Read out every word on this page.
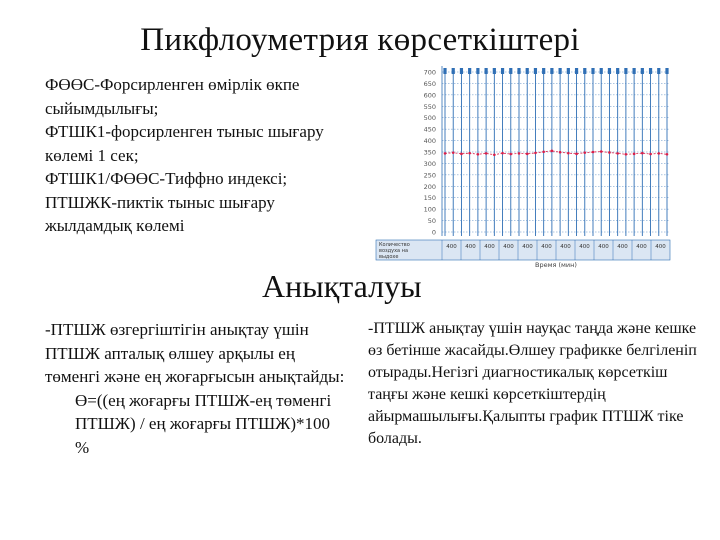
Пикфлоуметрия көрсеткіштері

ФӨӨС-Форсирленген өмірлік өкпе сыйымдылығы;

ФТШК1-форсирленген тыныс шығару көлемі 1 сек;

ФТШК1/ФӨӨС-Тиффно индексі;

ПТШЖК-пиктік тыныс шығару жылдамдық көлемі

700
650
600
550
500
450
400
350
300
250
200
150
100
50
0
Количество
воздуха на
выдохе
400 400 400 400 400 400 400 400 400 400 400 400
Время (мин)
Анықталуы

-ПТШЖ өзгергіштігін анықтау үшін ПТШЖ апталық өлшеу арқылы ең төменгі және ең жоғарғысын анықтайды:

Ө=((ең жоғарғы ПТШЖ-ең төменгі ПТШЖ) / ең жоғарғы ПТШЖ)*100 %

-ПТШЖ анықтау үшін науқас таңда және кешке өз бетінше жасайды.Өлшеу графикке белгіленіп отырады.Негізгі диагностикалық көрсеткіш таңғы және кешкі көрсеткіштердің айырмашылығы.Қалыпты график ПТШЖ тіке болады.
